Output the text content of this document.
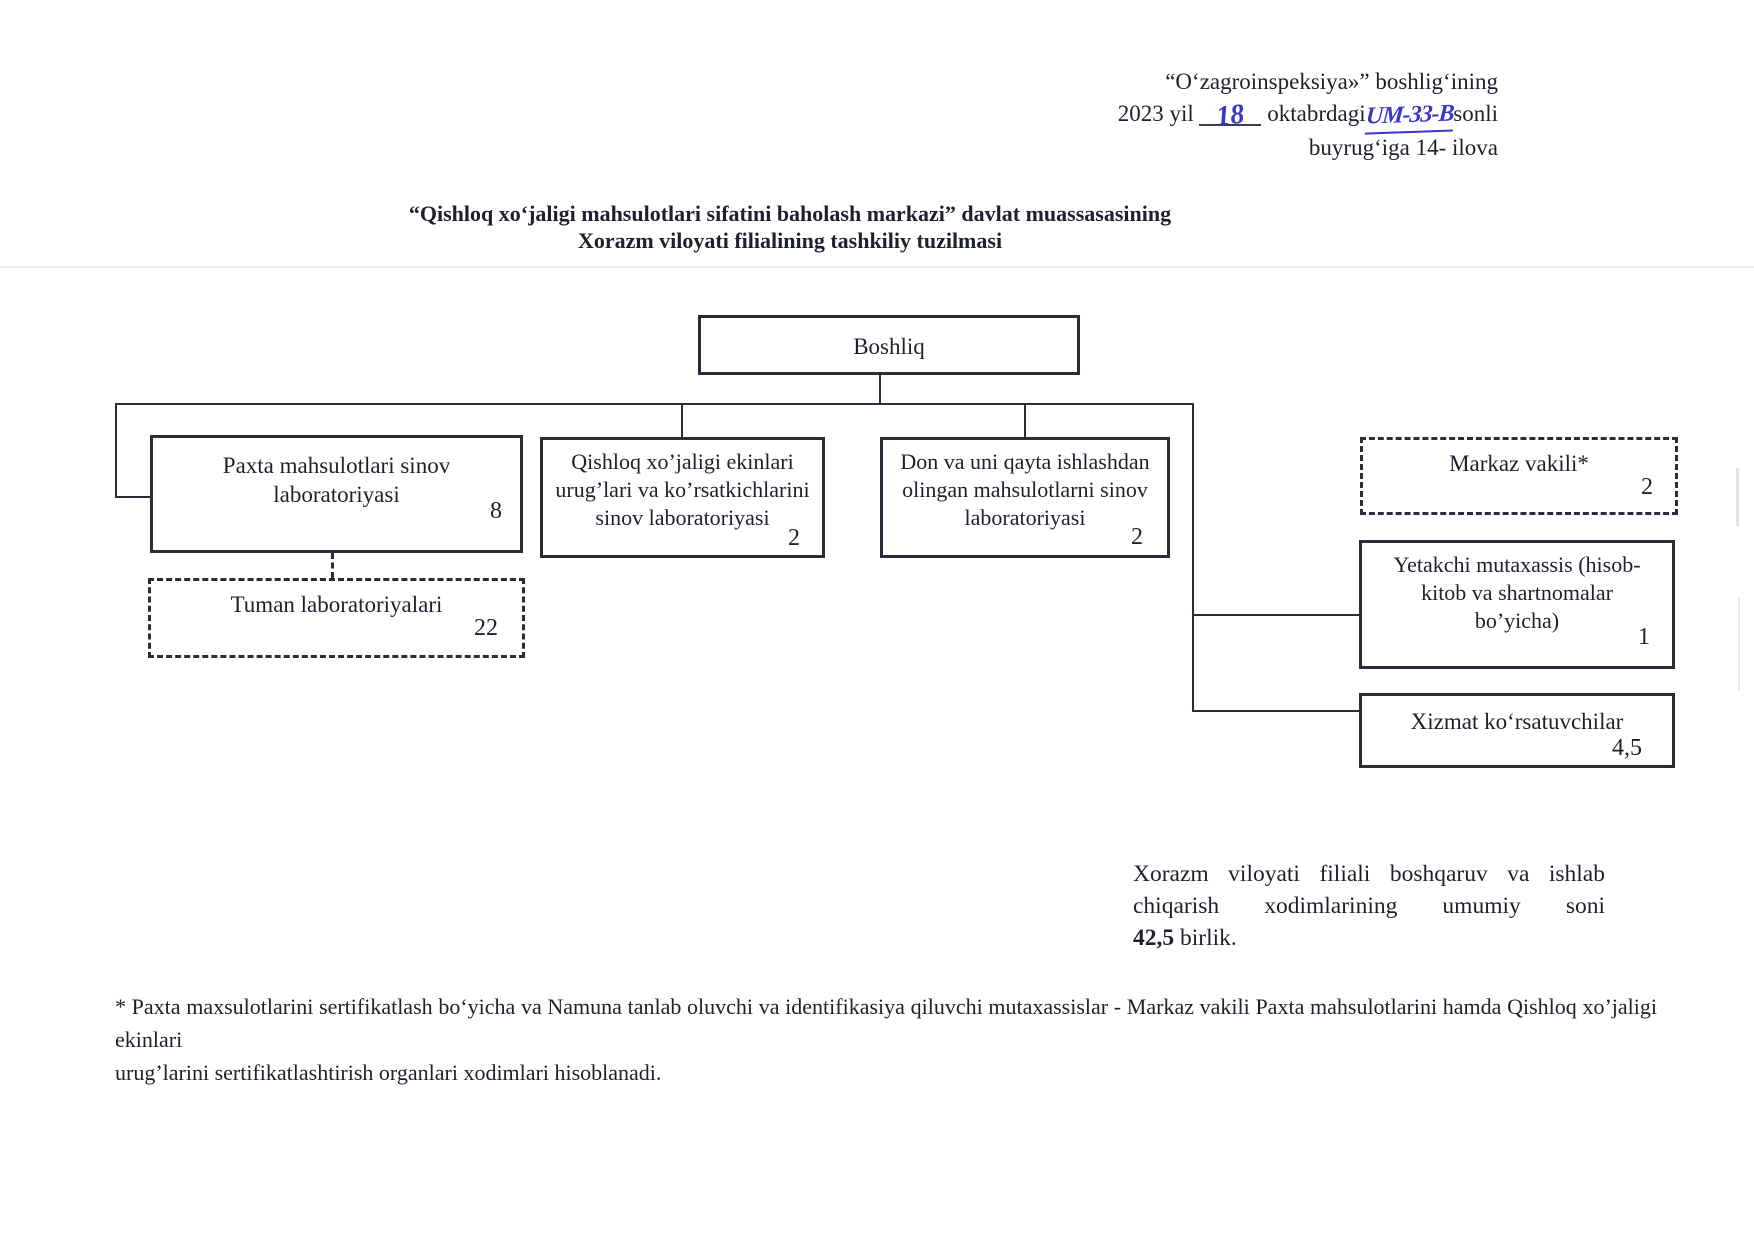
“O‘zagroinspeksiya»” boshlig‘ining
2023 yil 18 oktabrdagiUM-33-Bsonli
buyrug‘iga 14- ilova
“Qishloq xo‘jaligi mahsulotlari sifatini baholash markazi” davlat muassasasining
Xorazm viloyati filialining tashkiliy tuzilmasi
Boshliq
Paxta mahsulotlari sinov
laboratoriyasi
8
Tuman laboratoriyalari
22
Qishloq xo’jaligi ekinlari
urug’lari va ko’rsatkichlarini
sinov laboratoriyasi
2
Don va uni qayta ishlashdan
olingan mahsulotlarni sinov
laboratoriyasi
2
Markaz vakili*
2
Yetakchi mutaxassis (hisob-
kitob va shartnomalar
bo’yicha)
1
Xizmat ko‘rsatuvchilar
4,5
Xorazm viloyati filiali boshqaruv va ishlab
chiqarish xodimlarining umumiy soni
42,5 birlik.
* Paxta maxsulotlarini sertifikatlash bo‘yicha va Namuna tanlab oluvchi va identifikasiya qiluvchi mutaxassislar - Markaz vakili Paxta mahsulotlarini hamda Qishloq xo’jaligi ekinlari
urug’larini sertifikatlashtirish organlari xodimlari hisoblanadi.
